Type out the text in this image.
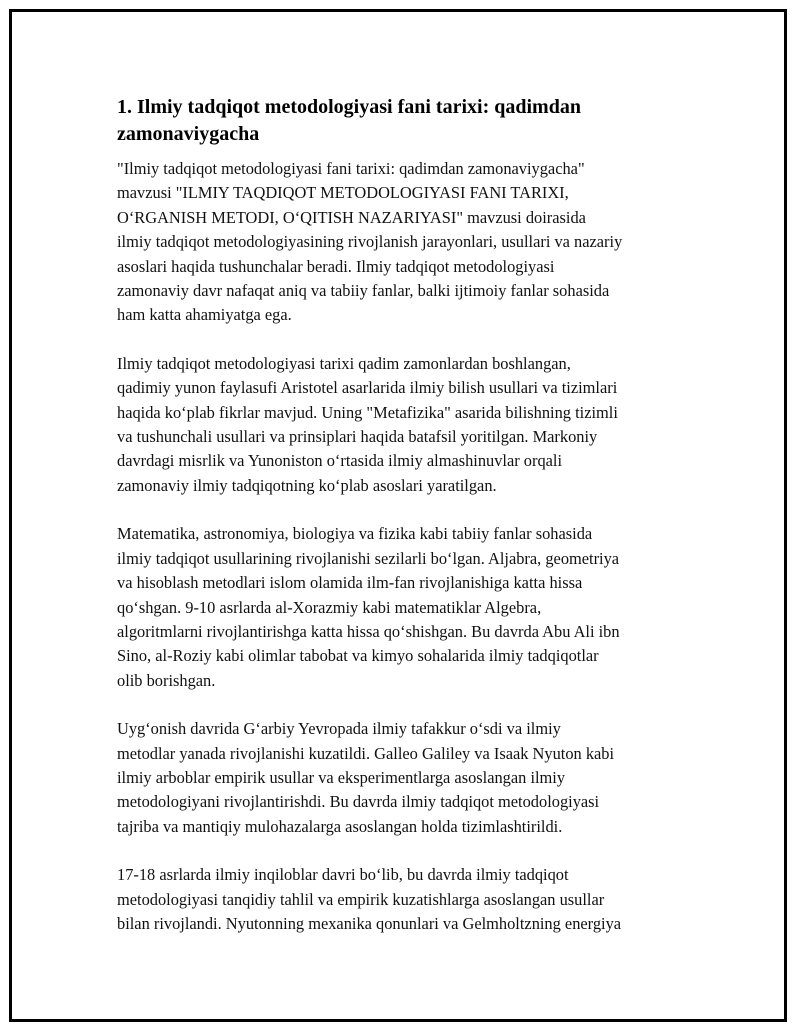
1. Ilmiy tadqiqot metodologiyasi fani tarixi: qadimdan
zamonaviygacha

"Ilmiy tadqiqot metodologiyasi fani tarixi: qadimdan zamonaviygacha"
mavzusi "ILMIY TAQDIQOT METODOLOGIYASI FANI TARIXI,
O‘RGANISH METODI, O‘QITISH NAZARIYASI" mavzusi doirasida
ilmiy tadqiqot metodologiyasining rivojlanish jarayonlari, usullari va nazariy
asoslari haqida tushunchalar beradi. Ilmiy tadqiqot metodologiyasi
zamonaviy davr nafaqat aniq va tabiiy fanlar, balki ijtimoiy fanlar sohasida
ham katta ahamiyatga ega.

Ilmiy tadqiqot metodologiyasi tarixi qadim zamonlardan boshlangan,
qadimiy yunon faylasufi Aristotel asarlarida ilmiy bilish usullari va tizimlari
haqida ko‘plab fikrlar mavjud. Uning "Metafizika" asarida bilishning tizimli
va tushunchali usullari va prinsiplari haqida batafsil yoritilgan. Markoniy
davrdagi misrlik va Yunoniston o‘rtasida ilmiy almashinuvlar orqali
zamonaviy ilmiy tadqiqotning ko‘plab asoslari yaratilgan.

Matematika, astronomiya, biologiya va fizika kabi tabiiy fanlar sohasida
ilmiy tadqiqot usullarining rivojlanishi sezilarli bo‘lgan. Aljabra, geometriya
va hisoblash metodlari islom olamida ilm-fan rivojlanishiga katta hissa
qo‘shgan. 9-10 asrlarda al-Xorazmiy kabi matematiklar Algebra,
algoritmlarni rivojlantirishga katta hissa qo‘shishgan. Bu davrda Abu Ali ibn
Sino, al-Roziy kabi olimlar tabobat va kimyo sohalarida ilmiy tadqiqotlar
olib borishgan.

Uyg‘onish davrida G‘arbiy Yevropada ilmiy tafakkur o‘sdi va ilmiy
metodlar yanada rivojlanishi kuzatildi. Galleo Galiley va Isaak Nyuton kabi
ilmiy arboblar empirik usullar va eksperimentlarga asoslangan ilmiy
metodologiyani rivojlantirishdi. Bu davrda ilmiy tadqiqot metodologiyasi
tajriba va mantiqiy mulohazalarga asoslangan holda tizimlashtirildi.

17-18 asrlarda ilmiy inqiloblar davri bo‘lib, bu davrda ilmiy tadqiqot
metodologiyasi tanqidiy tahlil va empirik kuzatishlarga asoslangan usullar
bilan rivojlandi. Nyutonning mexanika qonunlari va Gelmholtzning energiya
